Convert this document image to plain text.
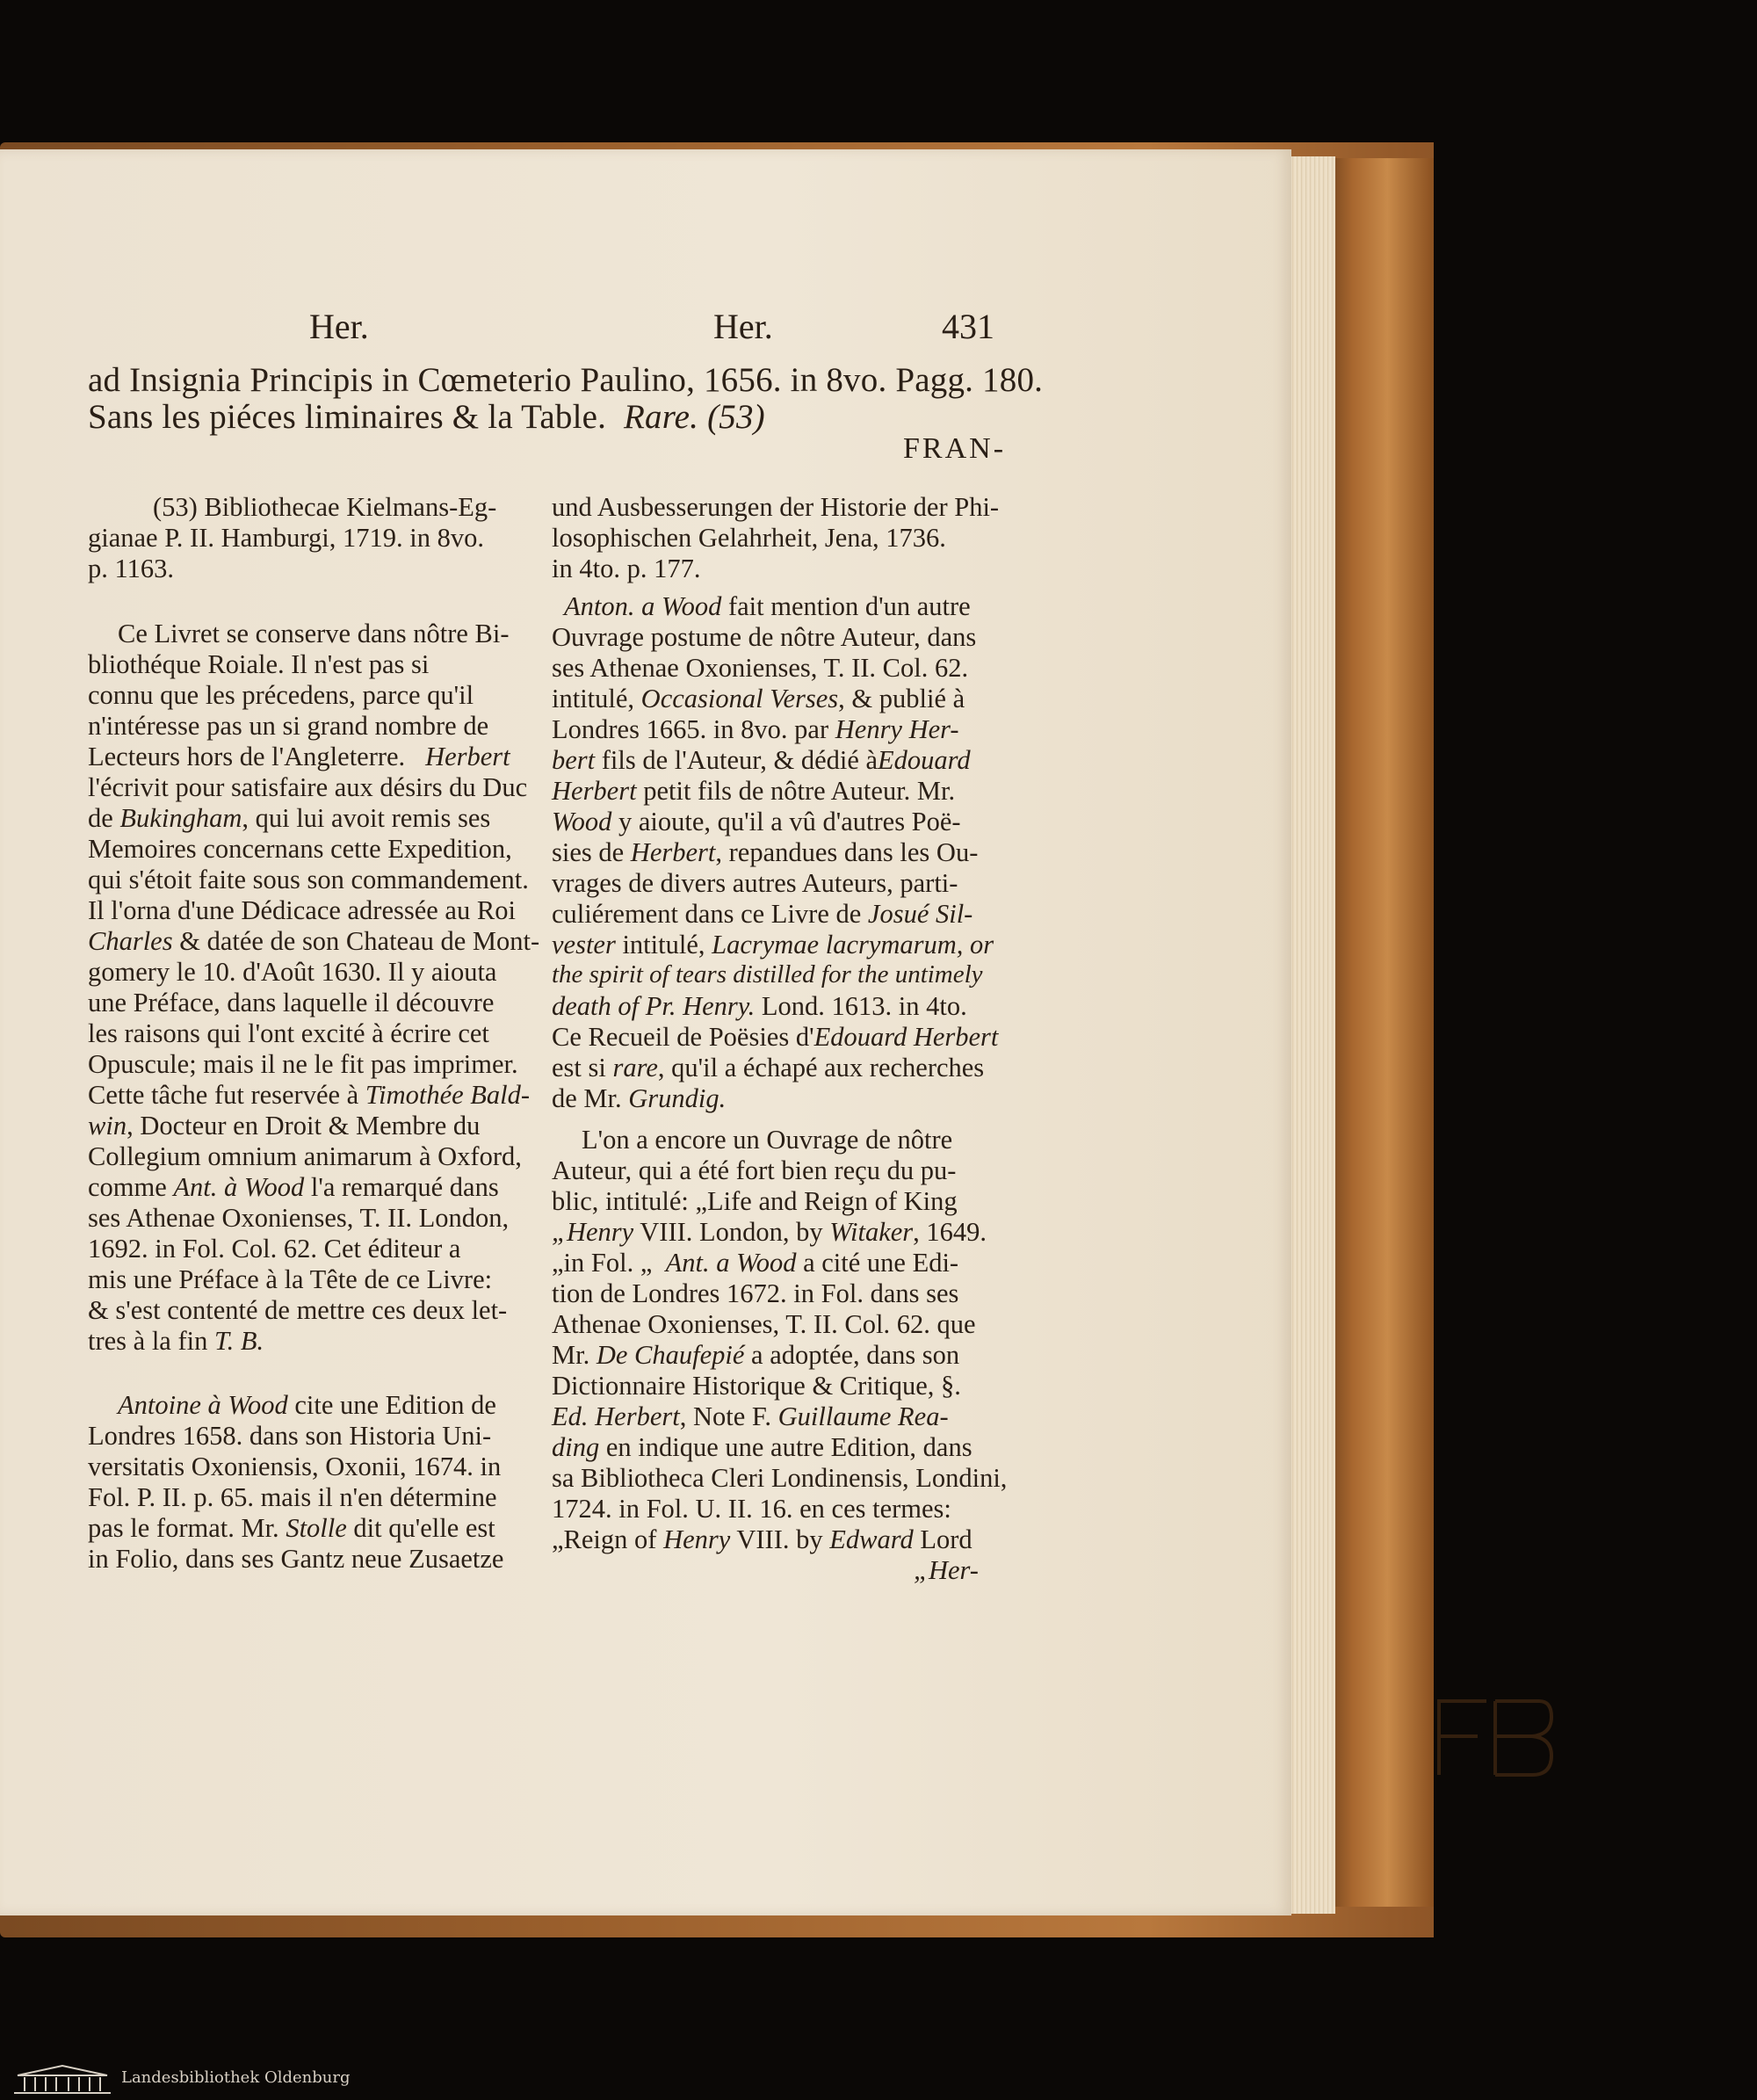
Her.	Her.	431
ad Insignia Principis in Cœmeterio Paulino, 1656. in 8vo. Pagg. 180.
Sans les piéces liminaires & la Table. Rare. (53)
FRAN-
(53) Bibliothecae Kielmans-Eg-
gianae P. II. Hamburgi, 1719. in 8vo.
p. 1163.
Ce Livret se conserve dans nôtre Bi-
bliothéque Roiale. Il n'est pas si
connu que les précedens, parce qu'il
n'intéresse pas un si grand nombre de
Lecteurs hors de l'Angleterre. Herbert
l'écrivit pour satisfaire aux désirs du Duc
de Bukingham, qui lui avoit remis ses
Memoires concernans cette Expedition,
qui s'étoit faite sous son commandement.
Il l'orna d'une Dédicace adressée au Roi
Charles & datée de son Chateau de Mont-
gomery le 10. d'Août 1630. Il y aiouta
une Préface, dans laquelle il découvre
les raisons qui l'ont excité à écrire cet
Opuscule; mais il ne le fit pas imprimer.
Cette tâche fut reservée à Timothée Bald-
win, Docteur en Droit & Membre du
Collegium omnium animarum à Oxford,
comme Ant. à Wood l'a remarqué dans
ses Athenae Oxonienses, T. II. London,
1692. in Fol. Col. 62. Cet éditeur a
mis une Préface à la Tête de ce Livre:
& s'est contenté de mettre ces deux let-
tres à la fin T. B.
Antoine à Wood cite une Edition de
Londres 1658. dans son Historia Uni-
versitatis Oxoniensis, Oxonii, 1674. in
Fol. P. II. p. 65. mais il n'en détermine
pas le format. Mr. Stolle dit qu'elle est
in Folio, dans ses Gantz neue Zusaetze
und Ausbesserungen der Historie der Phi-
losophischen Gelahrheit, Jena, 1736.
in 4to. p. 177.
Anton. a Wood fait mention d'un autre
Ouvrage postume de nôtre Auteur, dans
ses Athenae Oxonienses, T. II. Col. 62.
intitulé, Occasional Verses, & publié à
Londres 1665. in 8vo. par Henry Her-
bert fils de l'Auteur, & dédié àEdouard
Herbert petit fils de nôtre Auteur. Mr.
Wood y aioute, qu'il a vû d'autres Poë-
sies de Herbert, repandues dans les Ou-
vrages de divers autres Auteurs, parti-
culiérement dans ce Livre de Josué Sil-
vester intitulé, Lacrymae lacrymarum, or
the spirit of tears distilled for the untimely
death of Pr. Henry. Lond. 1613. in 4to.
Ce Recueil de Poësies d'Edouard Herbert
est si rare, qu'il a échapé aux recherches
de Mr. Grundig.
L'on a encore un Ouvrage de nôtre
Auteur, qui a été fort bien reçu du pu-
blic, intitulé: „Life and Reign of King
„Henry VIII. London, by Witaker, 1649.
„in Fol. „ Ant. a Wood a cité une Edi-
tion de Londres 1672. in Fol. dans ses
Athenae Oxonienses, T. II. Col. 62. que
Mr. De Chaufepié a adoptée, dans son
Dictionnaire Historique & Critique, §.
Ed. Herbert, Note F. Guillaume Rea-
ding en indique une autre Edition, dans
sa Bibliotheca Cleri Londinensis, Londini,
1724. in Fol. U. II. 16. en ces termes:
„Reign of Henry VIII. by Edward Lord
„Her-
Landesbibliothek Oldenburg
